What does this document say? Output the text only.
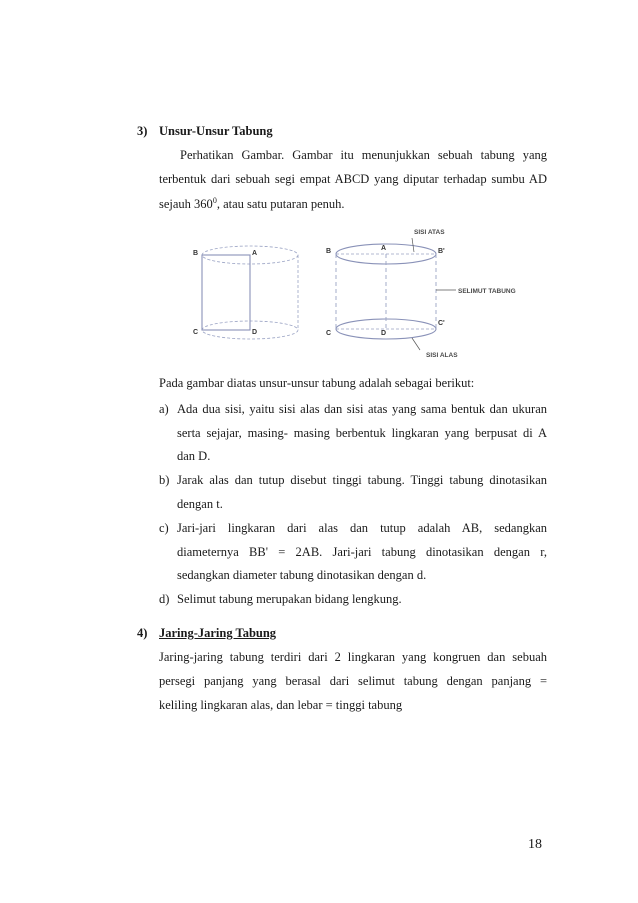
3) Unsur-Unsur Tabung
Perhatikan Gambar. Gambar itu menunjukkan sebuah tabung yang
terbentuk dari sebuah segi empat ABCD yang diputar terhadap sumbu AD
sejauh $360^0$, atau satu putaran penuh.
B	A
C	D
B	A	B'
C	D
C'
SISI ATAS
SELIMUT TABUNG
SISI ALAS
Pada gambar diatas unsur-unsur tabung adalah sebagai berikut:
a) Ada dua sisi, yaitu sisi alas dan sisi atas yang sama bentuk dan ukuran
serta sejajar, masing- masing berbentuk lingkaran yang berpusat di A
dan D.
b) Jarak alas dan tutup disebut tinggi tabung. Tinggi tabung dinotasikan
dengan t.
c) Jari-jari lingkaran dari alas dan tutup adalah AB, sedangkan
diameternya BB' = 2AB. Jari-jari tabung dinotasikan dengan r,
sedangkan diameter tabung dinotasikan dengan d.
d) Selimut tabung merupakan bidang lengkung.
4) Jaring-Jaring Tabung
Jaring-jaring tabung terdiri dari 2 lingkaran yang kongruen dan sebuah
persegi panjang yang berasal dari selimut tabung dengan panjang =
keliling lingkaran alas, dan lebar = tinggi tabung
18
